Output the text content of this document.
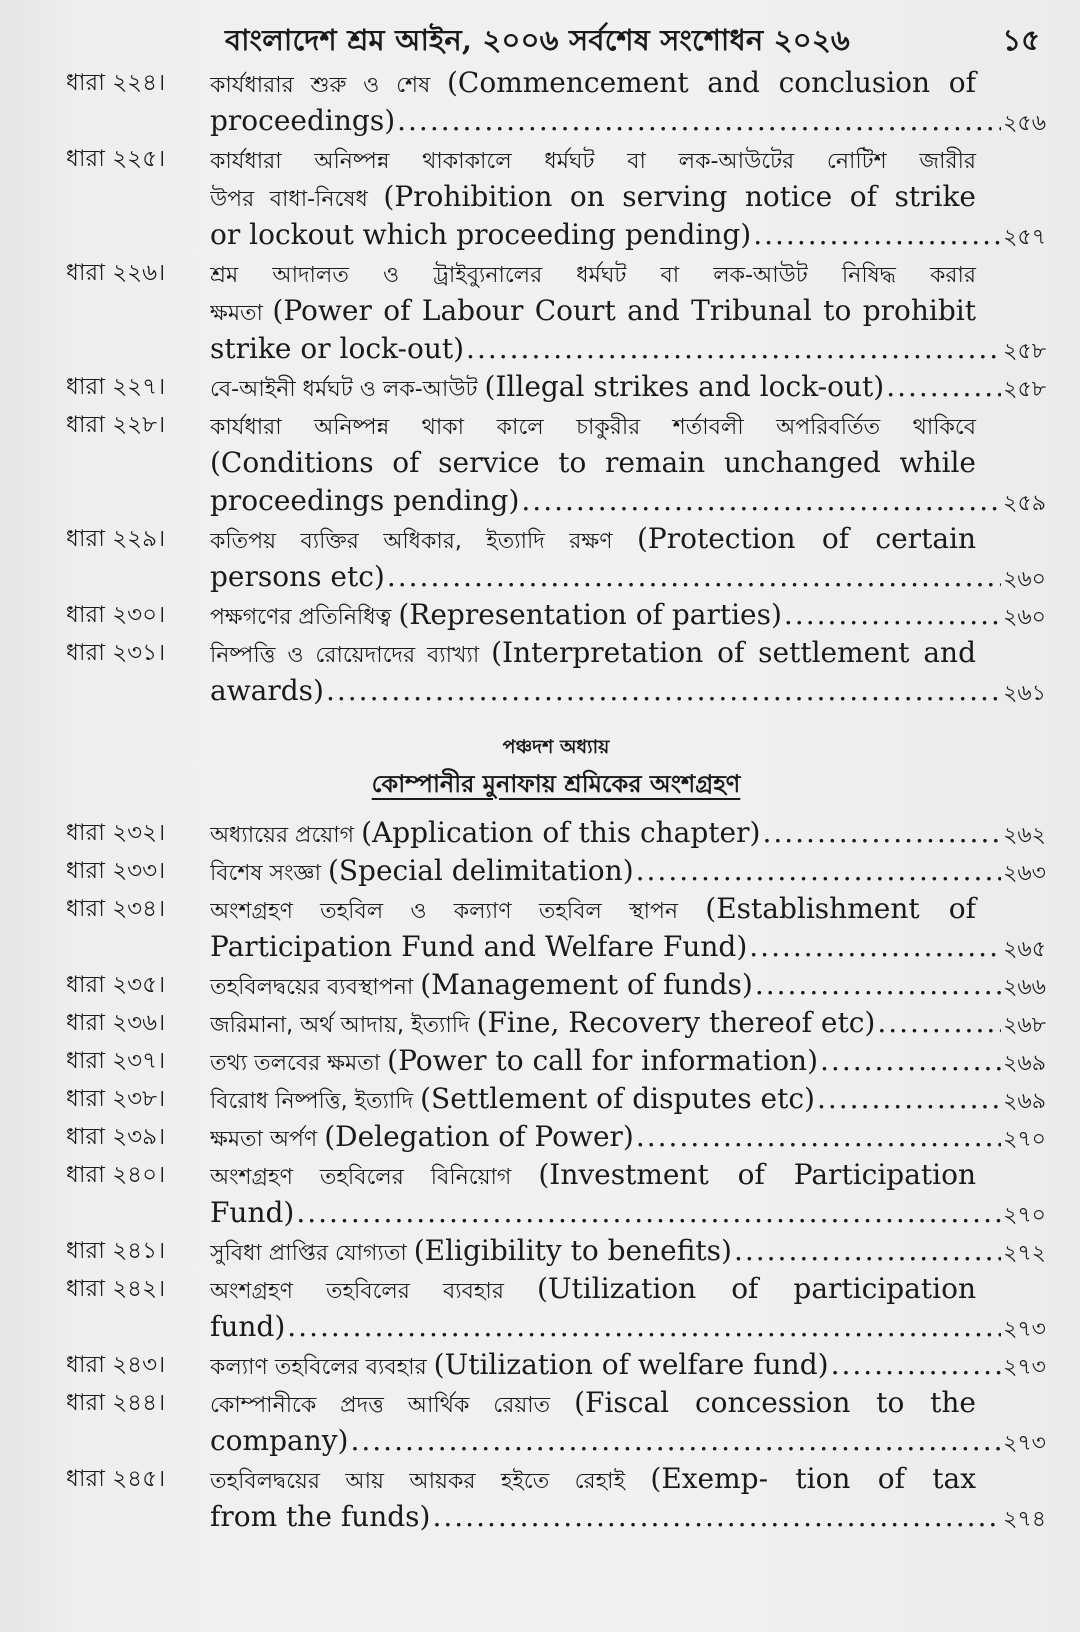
বাংলাদেশ শ্রম আইন, ২০০৬ সর্বশেষ সংশোধন ২০২৬	১৫
ধারা ২২৪।	কার্যধারার শুরু ও শেষ (Commencement and conclusion of
proceedings) .....	২৫৬
ধারা ২২৫।	কার্যধারা অনিষ্পন্ন থাকাকালে ধর্মঘট বা লক-আউটের নোটিশ জারীর
উপর বাধা-নিষেধ (Prohibition on serving notice of strike
or lockout which proceeding pending) .....	২৫৭
ধারা ২২৬।	শ্রম আদালত ও ট্রাইব্যুনালের ধর্মঘট বা লক-আউট নিষিদ্ধ করার
ক্ষমতা (Power of Labour Court and Tribunal to prohibit
strike or lock-out) .....	২৫৮
ধারা ২২৭।	বে-আইনী ধর্মঘট ও লক-আউট (Illegal strikes and lock-out) .....	২৫৮
ধারা ২২৮।	কার্যধারা অনিষ্পন্ন থাকা কালে চাকুরীর শর্তাবলী অপরিবর্তিত থাকিবে
(Conditions of service to remain unchanged while
proceedings pending) .....	২৫৯
ধারা ২২৯।	কতিপয় ব্যক্তির অধিকার, ইত্যাদি রক্ষণ (Protection of certain
persons etc) .....	২৬০
ধারা ২৩০।	পক্ষগণের প্রতিনিধিত্ব (Representation of parties) .....	২৬০
ধারা ২৩১।	নিষ্পত্তি ও রোয়েদাদের ব্যাখ্যা (Interpretation of settlement and
awards) .....	২৬১
পঞ্চদশ অধ্যায়
কোম্পানীর মুনাফায় শ্রমিকের অংশগ্রহণ
ধারা ২৩২।	অধ্যায়ের প্রয়োগ (Application of this chapter) .....	২৬২
ধারা ২৩৩।	বিশেষ সংজ্ঞা (Special delimitation) .....	২৬৩
ধারা ২৩৪।	অংশগ্রহণ তহবিল ও কল্যাণ তহবিল স্থাপন (Establishment of
Participation Fund and Welfare Fund) .....	২৬৫
ধারা ২৩৫।	তহবিলদ্বয়ের ব্যবস্থাপনা (Management of funds) .....	২৬৬
ধারা ২৩৬।	জরিমানা, অর্থ আদায়, ইত্যাদি (Fine, Recovery thereof etc) .....	২৬৮
ধারা ২৩৭।	তথ্য তলবের ক্ষমতা (Power to call for information) .....	২৬৯
ধারা ২৩৮।	বিরোধ নিষ্পত্তি, ইত্যাদি (Settlement of disputes etc) .....	২৬৯
ধারা ২৩৯।	ক্ষমতা অর্পণ (Delegation of Power) .....	২৭০
ধারা ২৪০।	অংশগ্রহণ তহবিলের বিনিয়োগ (Investment of Participation
Fund) .....	২৭০
ধারা ২৪১।	সুবিধা প্রাপ্তির যোগ্যতা (Eligibility to benefits) .....	২৭২
ধারা ২৪২।	অংশগ্রহণ তহবিলের ব্যবহার (Utilization of participation
fund) .....	২৭৩
ধারা ২৪৩।	কল্যাণ তহবিলের ব্যবহার (Utilization of welfare fund) .....	২৭৩
ধারা ২৪৪।	কোম্পানীকে প্রদত্ত আর্থিক রেয়াত (Fiscal concession to the
company) .....	২৭৩
ধারা ২৪৫।	তহবিলদ্বয়ের আয় আয়কর হইতে রেহাই (Exemp- tion of tax
from the funds) .....	২৭৪
